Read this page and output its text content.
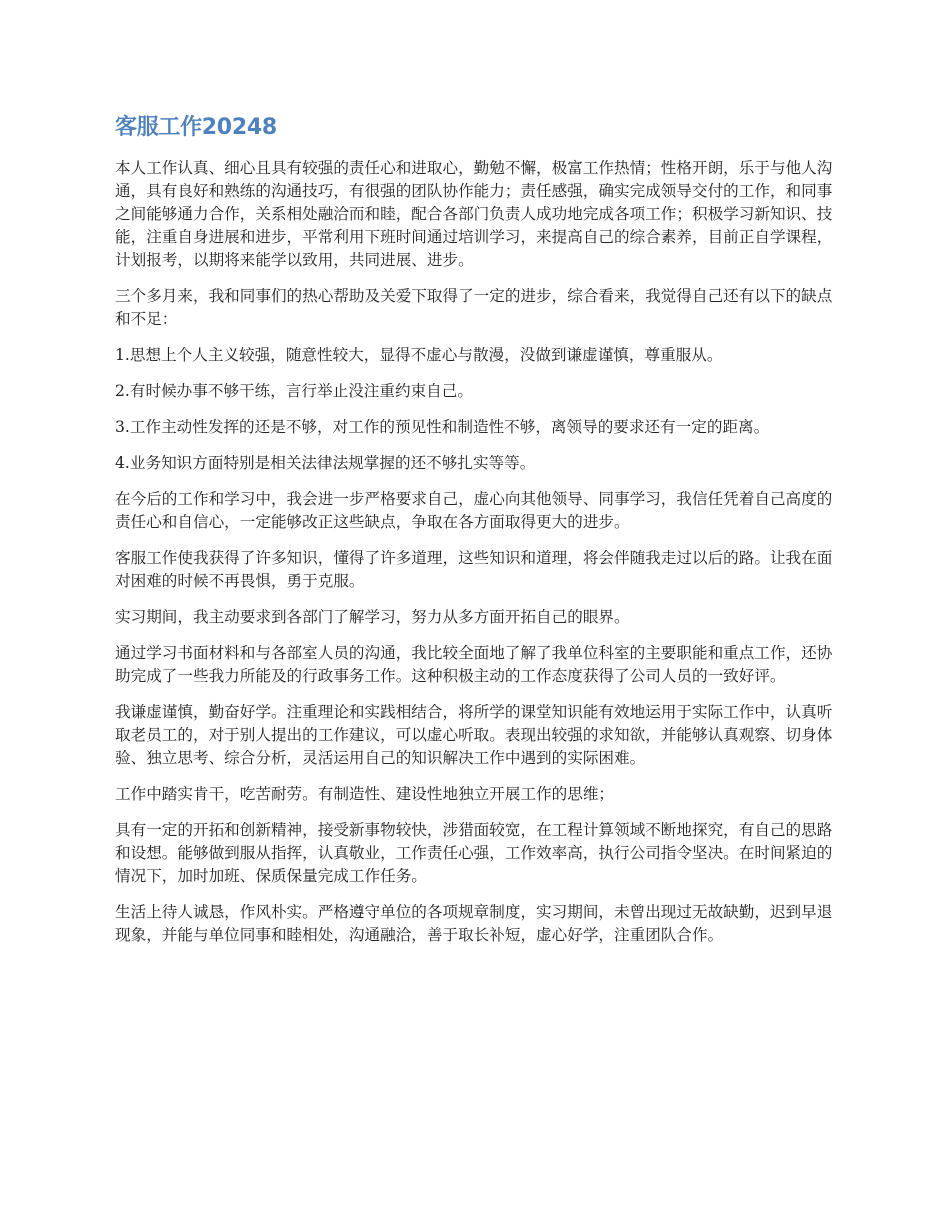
客服工作20248

本人工作认真、细心且具有较强的责任心和进取心，勤勉不懈，极富工作热情；性格开朗，乐于与他人沟通，具有良好和熟练的沟通技巧，有很强的团队协作能力；责任感强，确实完成领导交付的工作，和同事之间能够通力合作，关系相处融洽而和睦，配合各部门负责人成功地完成各项工作；积极学习新知识、技能，注重自身进展和进步，平常利用下班时间通过培训学习，来提高自己的综合素养，目前正自学课程，计划报考，以期将来能学以致用，共同进展、进步。

三个多月来，我和同事们的热心帮助及关爱下取得了一定的进步，综合看来，我觉得自己还有以下的缺点和不足：

1.思想上个人主义较强，随意性较大，显得不虚心与散漫，没做到谦虚谨慎，尊重服从。

2.有时候办事不够干练，言行举止没注重约束自己。

3.工作主动性发挥的还是不够，对工作的预见性和制造性不够，离领导的要求还有一定的距离。

4.业务知识方面特别是相关法律法规掌握的还不够扎实等等。

在今后的工作和学习中，我会进一步严格要求自己，虚心向其他领导、同事学习，我信任凭着自己高度的责任心和自信心，一定能够改正这些缺点，争取在各方面取得更大的进步。

客服工作使我获得了许多知识，懂得了许多道理，这些知识和道理，将会伴随我走过以后的路。让我在面对困难的时候不再畏惧，勇于克服。

实习期间，我主动要求到各部门了解学习，努力从多方面开拓自己的眼界。

通过学习书面材料和与各部室人员的沟通，我比较全面地了解了我单位科室的主要职能和重点工作，还协助完成了一些我力所能及的行政事务工作。这种积极主动的工作态度获得了公司人员的一致好评。

我谦虚谨慎，勤奋好学。注重理论和实践相结合，将所学的课堂知识能有效地运用于实际工作中，认真听取老员工的，对于别人提出的工作建议，可以虚心听取。表现出较强的求知欲，并能够认真观察、切身体验、独立思考、综合分析，灵活运用自己的知识解决工作中遇到的实际困难。

工作中踏实肯干，吃苦耐劳。有制造性、建设性地独立开展工作的思维；

具有一定的开拓和创新精神，接受新事物较快，涉猎面较宽，在工程计算领域不断地探究，有自己的思路和设想。能够做到服从指挥，认真敬业，工作责任心强，工作效率高，执行公司指令坚决。在时间紧迫的情况下，加时加班、保质保量完成工作任务。

生活上待人诚恳，作风朴实。严格遵守单位的各项规章制度，实习期间，未曾出现过无故缺勤，迟到早退现象，并能与单位同事和睦相处，沟通融洽，善于取长补短，虚心好学，注重团队合作。
